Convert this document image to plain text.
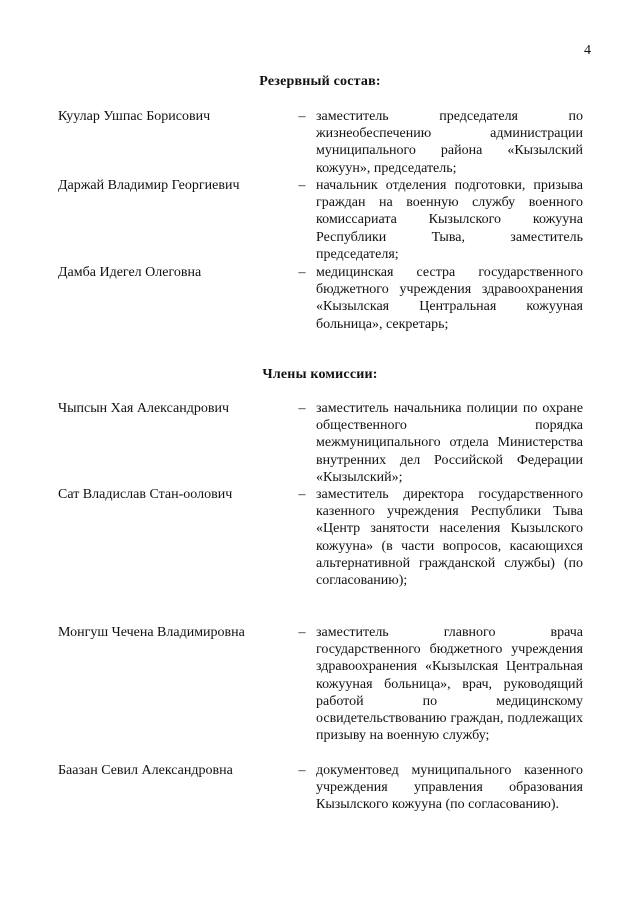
4
Резервный состав:
Куулар Ушпас Борисович	– заместитель председателя по жизнеобеспечению администрации муниципального района «Кызылский кожуун», председатель;
Даржай Владимир Георгиевич	– начальник отделения подготовки, призыва граждан на военную службу военного комиссариата Кызылского кожууна Республики Тыва, заместитель председателя;
Дамба Идегел Олеговна	– медицинская сестра государственного бюджетного учреждения здравоохранения «Кызылская Центральная кожууная больница», секретарь;
Члены комиссии:
Чыпсын Хая Александрович	– заместитель начальника полиции по охране общественного порядка межмуниципального отдела Министерства внутренних дел Российской Федерации «Кызылский»;
Сат Владислав Стан-оолович	– заместитель директора государственного казенного учреждения Республики Тыва «Центр занятости населения Кызылского кожууна» (в части вопросов, касающихся альтернативной гражданской службы) (по согласованию);
Монгуш Чечена Владимировна	– заместитель главного врача государственного бюджетного учреждения здравоохранения «Кызылская Центральная кожууная больница», врач, руководящий работой по медицинскому освидетельствованию граждан, подлежащих призыву на военную службу;
Баазан Севил Александровна	– документовед муниципального казенного учреждения управления образования Кызылского кожууна (по согласованию).
